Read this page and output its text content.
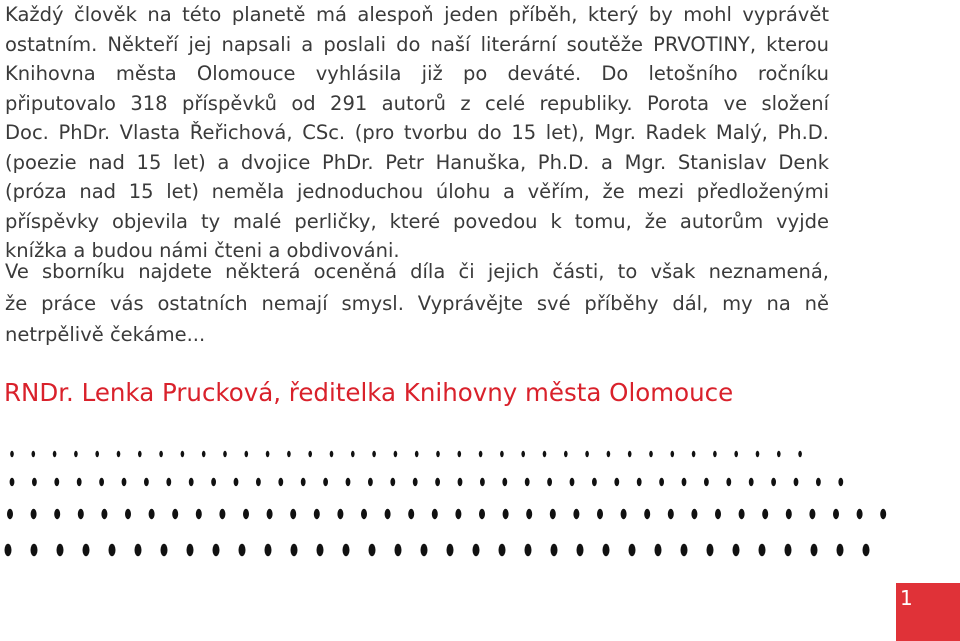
Každý člověk na této planetě má alespoň jeden příběh, který by mohl vyprávět
ostatním. Někteří jej napsali a poslali do naší literární soutěže PRVOTINY, kterou
Knihovna města Olomouce vyhlásila již po deváté. Do letošního ročníku
připutovalo 318 příspěvků od 291 autorů z celé republiky. Porota ve složení
Doc. PhDr. Vlasta Řeřichová, CSc. (pro tvorbu do 15 let), Mgr. Radek Malý, Ph.D.
(poezie nad 15 let) a dvojice PhDr. Petr Hanuška, Ph.D. a Mgr. Stanislav Denk
(próza nad 15 let) neměla jednoduchou úlohu a věřím, že mezi předloženými
příspěvky objevila ty malé perličky, které povedou k tomu, že autorům vyjde
knížka a budou námi čteni a obdivováni.
Ve sborníku najdete některá oceněná díla či jejich části, to však neznamená,
že práce vás ostatních nemají smysl. Vyprávějte své příběhy dál, my na ně
netrpělivě čekáme...
RNDr. Lenka Prucková, ředitelka Knihovny města Olomouce
1
